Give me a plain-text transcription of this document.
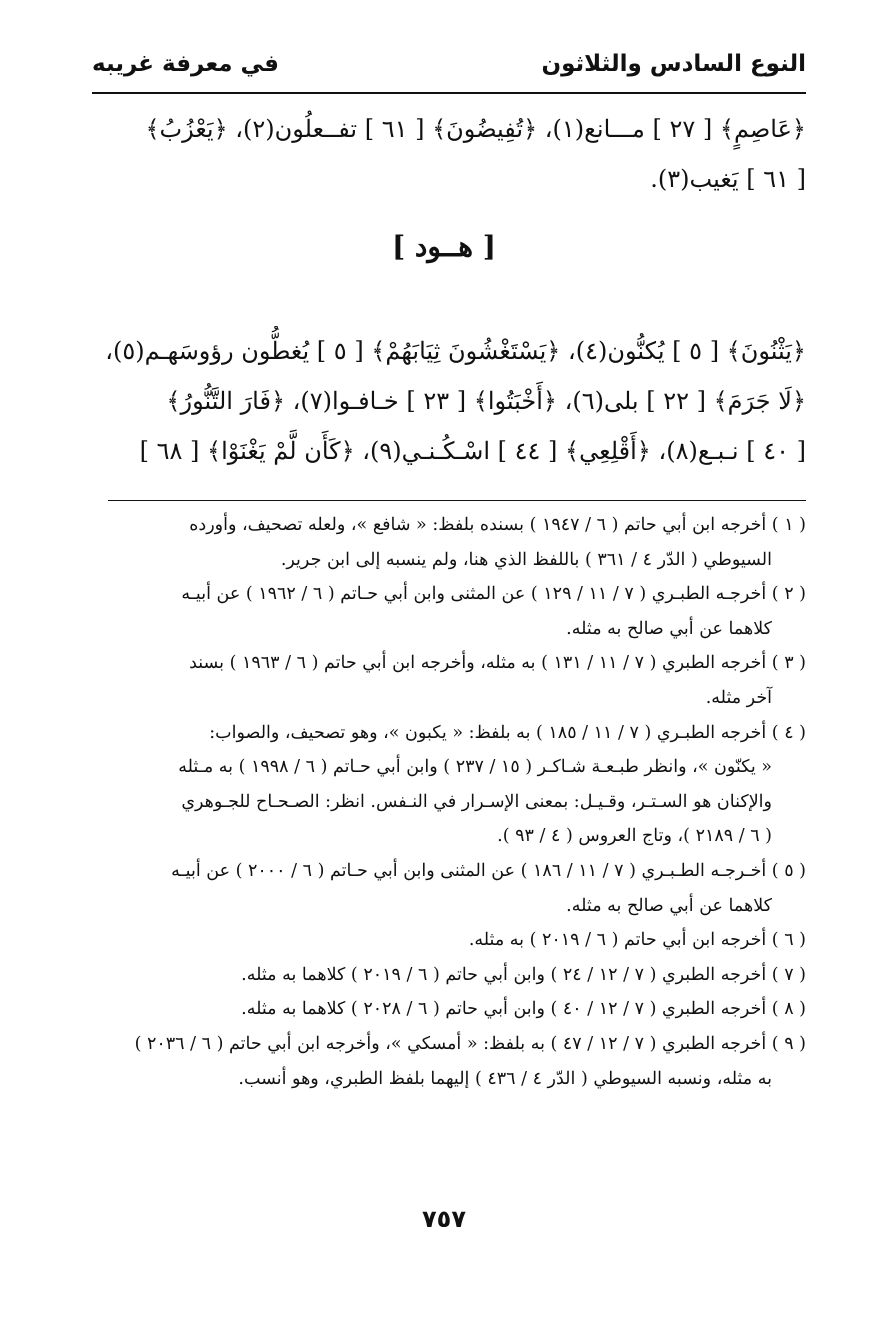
النوع السادس والثلاثون
في معرفة غريبه
﴿عَاصِمٍ﴾ [ ٢٧ ] مـــانع(١)، ﴿تُفِيضُونَ﴾ [ ٦١ ] تفــعلُون(٢)، ﴿يَعْزُبُ﴾
[ ٦١ ] يَغيب(٣).
[ هــود ]
﴿يَثْنُونَ﴾ [ ٥ ] يُكنُّون(٤)، ﴿يَسْتَغْشُونَ ثِيَابَهُمْ﴾ [ ٥ ] يُغطُّون رؤوسَهـم(٥)،
﴿لَا جَرَمَ﴾ [ ٢٢ ] بلى(٦)، ﴿أَخْبَتُوا﴾ [ ٢٣ ] خـافـوا(٧)، ﴿فَارَ التَّنُّورُ﴾
[ ٤٠ ] نـبـع(٨)، ﴿أَقْلِعِي﴾ [ ٤٤ ] اسْـكُـنـي(٩)، ﴿كَأَن لَّمْ يَغْنَوْا﴾ [ ٦٨ ]
( ١ ) أخرجه ابن أبي حاتم ( ٦ / ١٩٤٧ ) بسنده بلفظ: « شافع »، ولعله تصحيف، وأورده
السيوطي ( الدّر ٤ / ٣٦١ ) باللفظ الذي هنا، ولم ينسبه إلى ابن جرير.
( ٢ ) أخرجـه الطبـري ( ٧ / ١١ / ١٢٩ ) عن المثنى وابن أبي حـاتم ( ٦ / ١٩٦٢ ) عن أبيـه
كلاهما عن أبي صالح به مثله.
( ٣ ) أخرجه الطبري ( ٧ / ١١ / ١٣١ ) به مثله، وأخرجه ابن أبي حاتم ( ٦ / ١٩٦٣ ) بسند
آخر مثله.
( ٤ ) أخرجه الطبـري ( ٧ / ١١ / ١٨٥ ) به بلفظ: « يكبون »، وهو تصحيف، والصواب:
« يكنّون »، وانظر طبـعـة شـاكـر ( ١٥ / ٢٣٧ ) وابن أبي حـاتم ( ٦ / ١٩٩٨ ) به مـثله
والإكنان هو السـتـر، وقـيـل: بمعنى الإسـرار في النـفس. انظر: الصـحـاح للجـوهري
( ٦ / ٢١٨٩ )، وتاج العروس ( ٤ / ٩٣ ).
( ٥ ) أخـرجـه الطـبـري ( ٧ / ١١ / ١٨٦ ) عن المثنى وابن أبي حـاتم ( ٦ / ٢٠٠٠ ) عن أبيـه
كلاهما عن أبي صالح به مثله.
( ٦ ) أخرجه ابن أبي حاتم ( ٦ / ٢٠١٩ ) به مثله.
( ٧ ) أخرجه الطبري ( ٧ / ١٢ / ٢٤ ) وابن أبي حاتم ( ٦ / ٢٠١٩ ) كلاهما به مثله.
( ٨ ) أخرجه الطبري ( ٧ / ١٢ / ٤٠ ) وابن أبي حاتم ( ٦ / ٢٠٢٨ ) كلاهما به مثله.
( ٩ ) أخرجه الطبري ( ٧ / ١٢ / ٤٧ ) به بلفظ: « أمسكي »، وأخرجه ابن أبي حاتم ( ٦ / ٢٠٣٦ )
به مثله، ونسبه السيوطي ( الدّر ٤ / ٤٣٦ ) إليهما بلفظ الطبري، وهو أنسب.
٧٥٧
